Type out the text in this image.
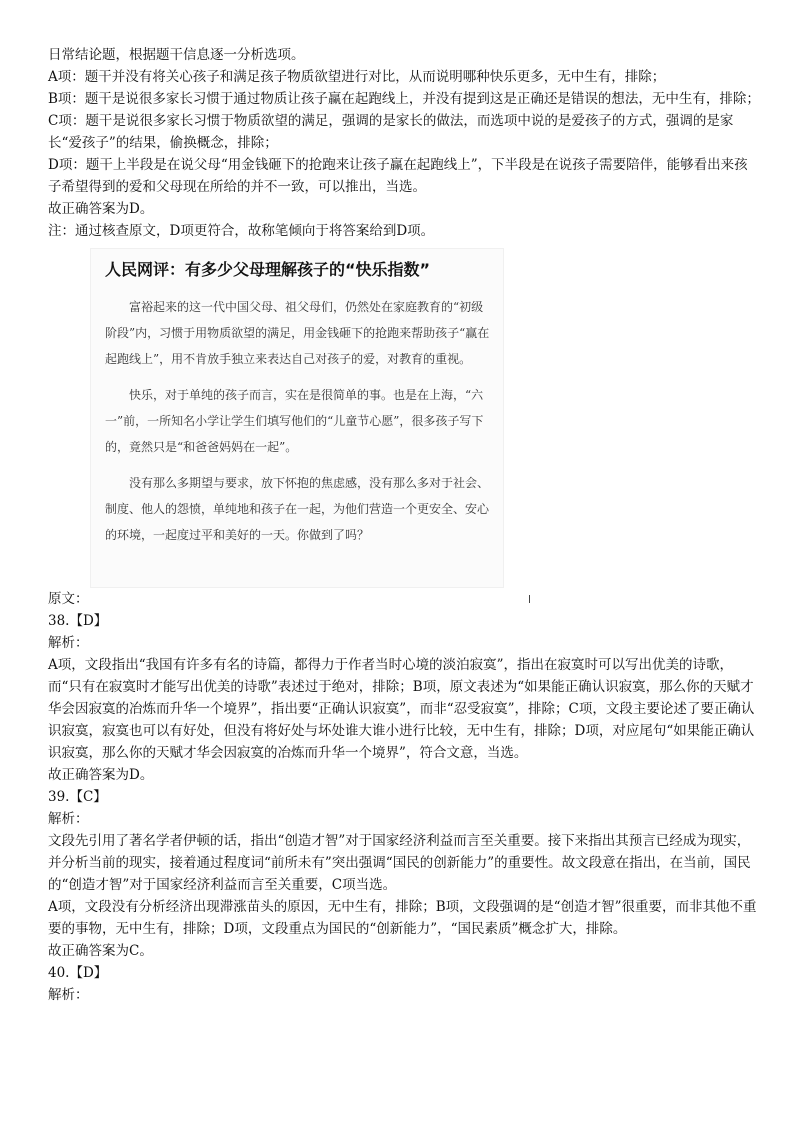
日常结论题，根据题干信息逐一分析选项。

A项：题干并没有将关心孩子和满足孩子物质欲望进行对比，从而说明哪种快乐更多，无中生有，排除；

B项：题干是说很多家长习惯于通过物质让孩子赢在起跑线上，并没有提到这是正确还是错误的想法，无中生有，排除；

C项：题干是说很多家长习惯于物质欲望的满足，强调的是家长的做法，而选项中说的是爱孩子的方式，强调的是家长“爱孩子”的结果，偷换概念，排除；

D项：题干上半段是在说父母“用金钱砸下的抢跑来让孩子赢在起跑线上”，下半段是在说孩子需要陪伴，能够看出来孩子希望得到的爱和父母现在所给的并不一致，可以推出，当选。

故正确答案为D。

注：通过核查原文，D项更符合，故称笔倾向于将答案给到D项。

人民网评：有多少父母理解孩子的“快乐指数”

富裕起来的这一代中国父母、祖父母们，仍然处在家庭教育的“初级阶段”内，习惯于用物质欲望的满足，用金钱砸下的抢跑来帮助孩子“赢在起跑线上”，用不肯放手独立来表达自己对孩子的爱，对教育的重视。

快乐，对于单纯的孩子而言，实在是很简单的事。也是在上海，“六一”前，一所知名小学让学生们填写他们的“儿童节心愿”，很多孩子写下的，竟然只是“和爸爸妈妈在一起”。

没有那么多期望与要求，放下怀抱的焦虑感，没有那么多对于社会、制度、他人的怨愤，单纯地和孩子在一起，为他们营造一个更安全、安心的环境，一起度过平和美好的一天。你做到了吗？

原文：

38.【D】

解析：

A项，文段指出“我国有许多有名的诗篇，都得力于作者当时心境的淡泊寂寞”，指出在寂寞时可以写出优美的诗歌，而“只有在寂寞时才能写出优美的诗歌”表述过于绝对，排除；B项，原文表述为“如果能正确认识寂寞，那么你的天赋才华会因寂寞的冶炼而升华一个境界”，指出要“正确认识寂寞”，而非“忍受寂寞”，排除；C项，文段主要论述了要正确认识寂寞，寂寞也可以有好处，但没有将好处与坏处谁大谁小进行比较，无中生有，排除；D项，对应尾句“如果能正确认识寂寞，那么你的天赋才华会因寂寞的冶炼而升华一个境界”，符合文意，当选。

故正确答案为D。

39.【C】

解析：

文段先引用了著名学者伊顿的话，指出“创造才智”对于国家经济利益而言至关重要。接下来指出其预言已经成为现实，并分析当前的现实，接着通过程度词“前所未有”突出强调“国民的创新能力”的重要性。故文段意在指出，在当前，国民的“创造才智”对于国家经济利益而言至关重要，C项当选。

A项，文段没有分析经济出现滞涨苗头的原因，无中生有，排除；B项，文段强调的是“创造才智”很重要，而非其他不重要的事物，无中生有，排除；D项，文段重点为国民的“创新能力”，“国民素质”概念扩大，排除。

故正确答案为C。

40.【D】

解析：
